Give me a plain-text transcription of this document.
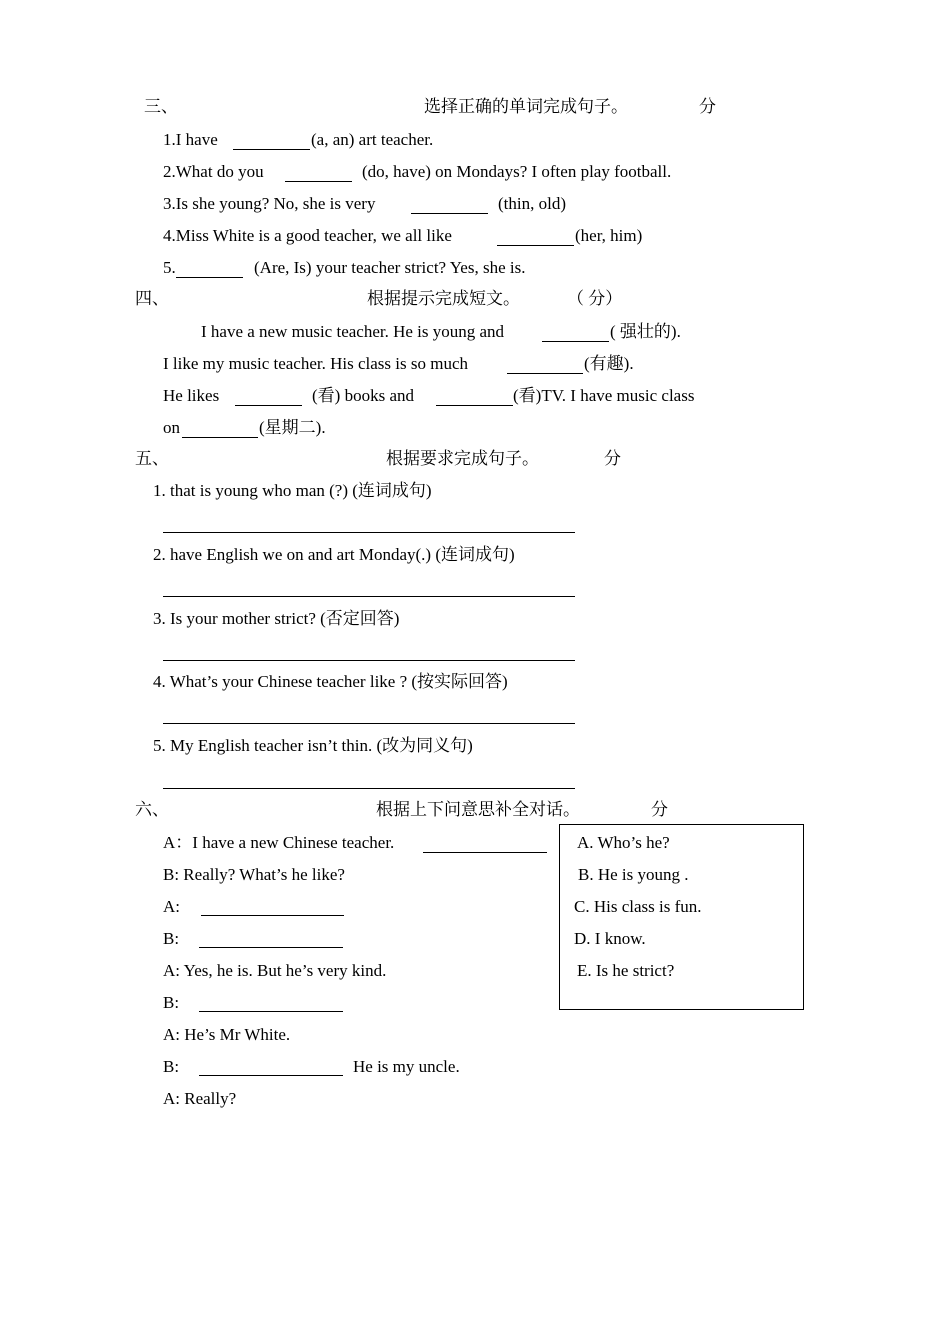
三、	选择正确的单词完成句子。	分
1.I have	(a, an) art teacher.
2.What do you	(do, have) on Mondays? I often play football.
3.Is she young? No, she is very	(thin, old)
4.Miss White is a good teacher, we all like	(her, him)
5.	(Are, Is) your teacher strict? Yes, she is.
四、	根据提示完成短文。	（ 分）
I have a new music teacher. He is young and	( 强壮的).
I like my music teacher. His class is so much	(有趣).
He likes	(看) books and	(看)TV. I have music class
on	(星期二).
五、	根据要求完成句子。	分
1. that is young who man (?) (连词成句)
2. have English we on and art Monday(.) (连词成句)
3. Is your mother strict? (否定回答)
4. What’s your Chinese teacher like ? (按实际回答)
5. My English teacher isn’t thin. (改为同义句)
六、	根据上下问意思补全对话。	分
A：I have a new Chinese teacher.
B: Really? What’s he like?
A:
B:
A: Yes, he is. But he’s very kind.
B:
A: He’s Mr White.
B:	He is my uncle.
A: Really?
A. Who’s he?
B. He is young .
C. His class is fun.
D. I know.
E. Is he strict?
